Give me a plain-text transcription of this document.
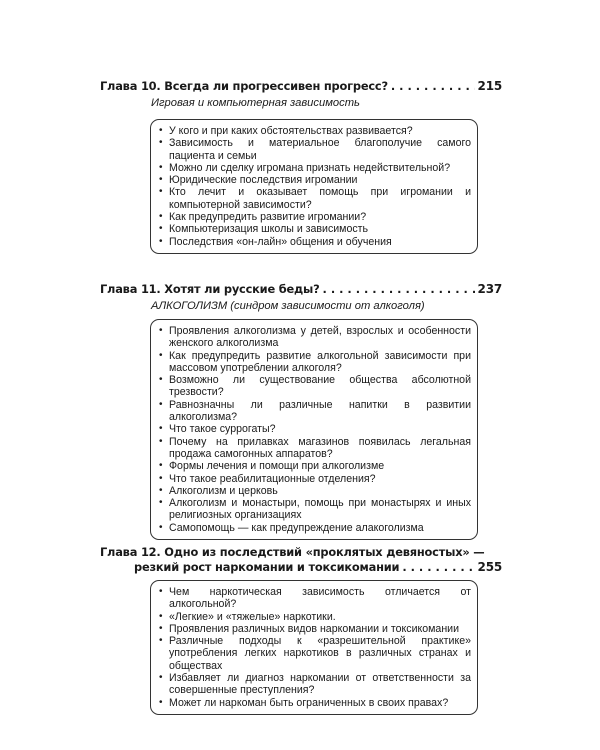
Глава 10. Всегда ли прогрессивен прогресс? . . .	215
Игровая и компьютерная зависимость
• У кого и при каких обстоятельствах развивается?
• Зависимость и материальное благополучие самого пациента и семьи
• Можно ли сделку игромана признать недействительной?
• Юридические последствия игромании
• Кто лечит и оказывает помощь при игромании и компьютерной зависимости?
• Как предупредить развитие игромании?
• Компьютеризация школы и зависимость
• Последствия «он-лайн» общения и обучения
Глава 11. Хотят ли русские беды? . . .	237
АЛКОГОЛИЗМ (синдром зависимости от алкоголя)
• Проявления алкоголизма у детей, взрослых и особенности женского алкоголизма
• Как предупредить развитие алкогольной зависимости при массовом употреблении алкоголя?
• Возможно ли существование общества абсолютной трезвости?
• Равнозначны ли различные напитки в развитии алкоголизма?
• Что такое суррогаты?
• Почему на прилавках магазинов появилась легальная продажа самогонных аппаратов?
• Формы лечения и помощи при алкоголизме
• Что такое реабилитационные отделения?
• Алкоголизм и церковь
• Алкоголизм и монастыри, помощь при монастырях и иных религиозных организациях
• Самопомощь — как предупреждение алакоголизма
Глава 12. Одно из последствий «проклятых девяностых» —
резкий рост наркомании и токсикомании . . .	255
• Чем наркотическая зависимость отличается от алкогольной?
• «Легкие» и «тяжелые» наркотики.
• Проявления различных видов наркомании и токсикомании
• Различные подходы к «разрешительной практике» употребления легких наркотиков в различных странах и обществах
• Избавляет ли диагноз наркомании от ответственности за совершенные преступления?
• Может ли наркоман быть ограниченных в своих правах?
